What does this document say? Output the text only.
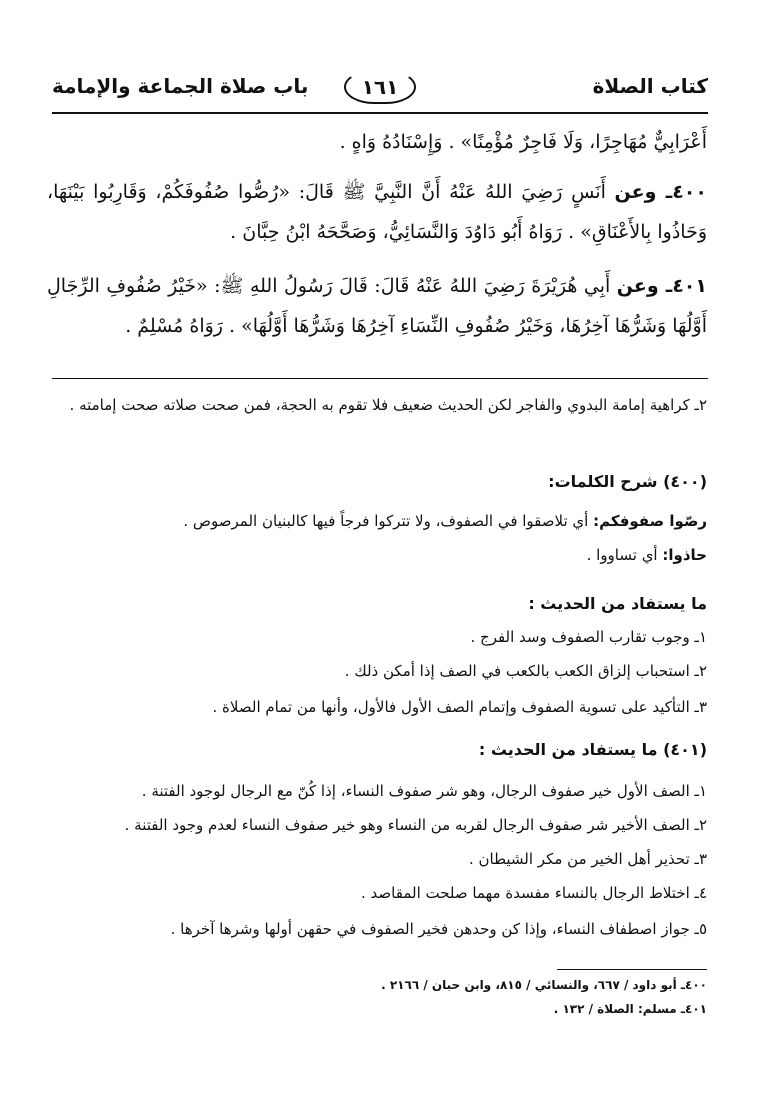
كتاب الصلاة
١٦١
باب صلاة الجماعة والإمامة
أَعْرَابِيٌّ مُهَاجِرًا، وَلَا فَاجِرٌ مُؤْمِنًا» . وَإِسْنَادُهُ وَاهٍ .
٤٠٠ـ وعن أَنَسٍ رَضِيَ اللهُ عَنْهُ أَنَّ النَّبِيَّ ﷺ قَالَ: «رُصُّوا صُفُوفَكُمْ، وَقَارِبُوا بَيْنَهَا، وَحَاذُوا بِالأَعْنَاقِ» . رَوَاهُ أَبُو دَاوُدَ وَالنَّسَائِيُّ، وَصَحَّحَهُ ابْنُ حِبَّانَ .
٤٠١ـ وعن أَبِي هُرَيْرَةَ رَضِيَ اللهُ عَنْهُ قَالَ: قَالَ رَسُولُ اللهِ ﷺ: «خَيْرُ صُفُوفِ الرِّجَالِ أَوَّلُهَا وَشَرُّهَا آخِرُهَا، وَخَيْرُ صُفُوفِ النِّسَاءِ آخِرُهَا وَشَرُّهَا أَوَّلُهَا» . رَوَاهُ مُسْلِمٌ .
٢ـ كراهية إمامة البدوي والفاجر لكن الحديث ضعيف فلا تقوم به الحجة، فمن صحت صلاته صحت إمامته .
(٤٠٠) شرح الكلمات:
رصّوا صفوفكم: أي تلاصقوا في الصفوف، ولا تتركوا فرجاً فيها كالبنيان المرصوص .
حاذوا: أي تساووا .
ما يستفاد من الحديث :
١ـ وجوب تقارب الصفوف وسد الفرج .
٢ـ استحباب إلزاق الكعب بالكعب في الصف إذا أمكن ذلك .
٣ـ التأكيد على تسوية الصفوف وإتمام الصف الأول فالأول، وأنها من تمام الصلاة .
(٤٠١) ما يستفاد من الحديث :
١ـ الصف الأول خير صفوف الرجال، وهو شر صفوف النساء، إذا كُنّ مع الرجال لوجود الفتنة .
٢ـ الصف الأخير شر صفوف الرجال لقربه من النساء وهو خير صفوف النساء لعدم وجود الفتنة .
٣ـ تحذير أهل الخير من مكر الشيطان .
٤ـ اختلاط الرجال بالنساء مفسدة مهما صلحت المقاصد .
٥ـ جواز اصطفاف النساء، وإذا كن وحدهن فخير الصفوف في حقهن أولها وشرها آخرها .
٤٠٠ـ أبو داود / ٦٦٧، والنسائي / ٨١٥، وابن حبان / ٢١٦٦ .
٤٠١ـ مسلم: الصلاة / ١٣٢ .
